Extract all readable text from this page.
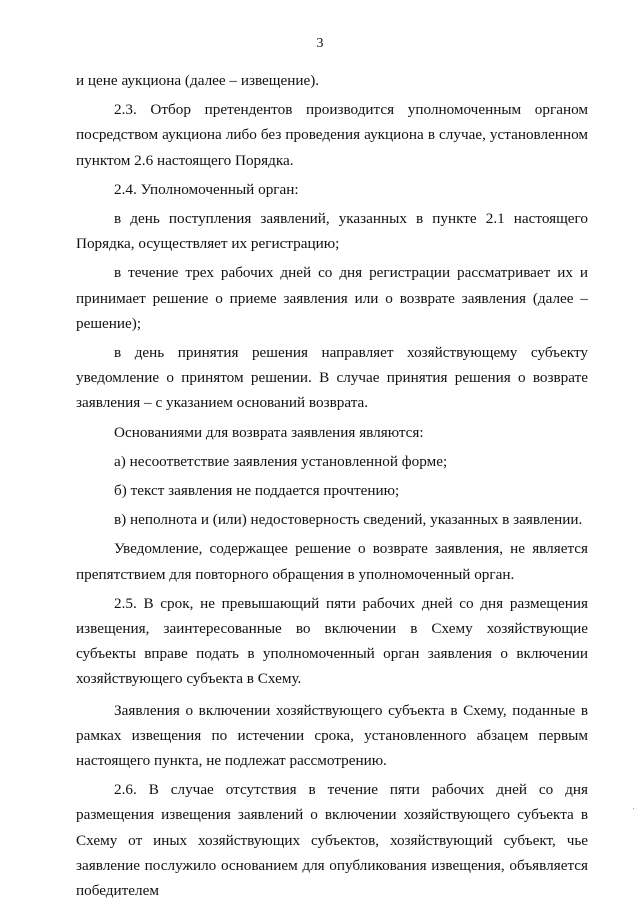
3

и цене аукциона (далее – извещение).

2.3. Отбор претендентов производится уполномоченным органом посредством аукциона либо без проведения аукциона в случае, установленном пунктом 2.6 настоящего Порядка.

2.4. Уполномоченный орган:

в день поступления заявлений, указанных в пункте 2.1 настоящего Порядка, осуществляет их регистрацию;

в течение трех рабочих дней со дня регистрации рассматривает их и принимает решение о приеме заявления или о возврате заявления (далее – решение);

в день принятия решения направляет хозяйствующему субъекту уведомление о принятом решении. В случае принятия решения о возврате заявления – с указанием оснований возврата.

Основаниями для возврата заявления являются:

а) несоответствие заявления установленной форме;

б) текст заявления не поддается прочтению;

в) неполнота и (или) недостоверность сведений, указанных в заявлении.

Уведомление, содержащее решение о возврате заявления, не является препятствием для повторного обращения в уполномоченный орган.

2.5. В срок, не превышающий пяти рабочих дней со дня размещения извещения, заинтересованные во включении в Схему хозяйствующие субъекты вправе подать в уполномоченный орган заявления о включении хозяйствующего субъекта в Схему.

Заявления о включении хозяйствующего субъекта в Схему, поданные в рамках извещения по истечении срока, установленного абзацем первым настоящего пункта, не подлежат рассмотрению.

2.6. В случае отсутствия в течение пяти рабочих дней со дня размещения извещения заявлений о включении хозяйствующего субъекта в Схему от иных хозяйствующих субъектов, хозяйствующий субъект, чье заявление послужило основанием для опубликования извещения, объявляется победителем

'
